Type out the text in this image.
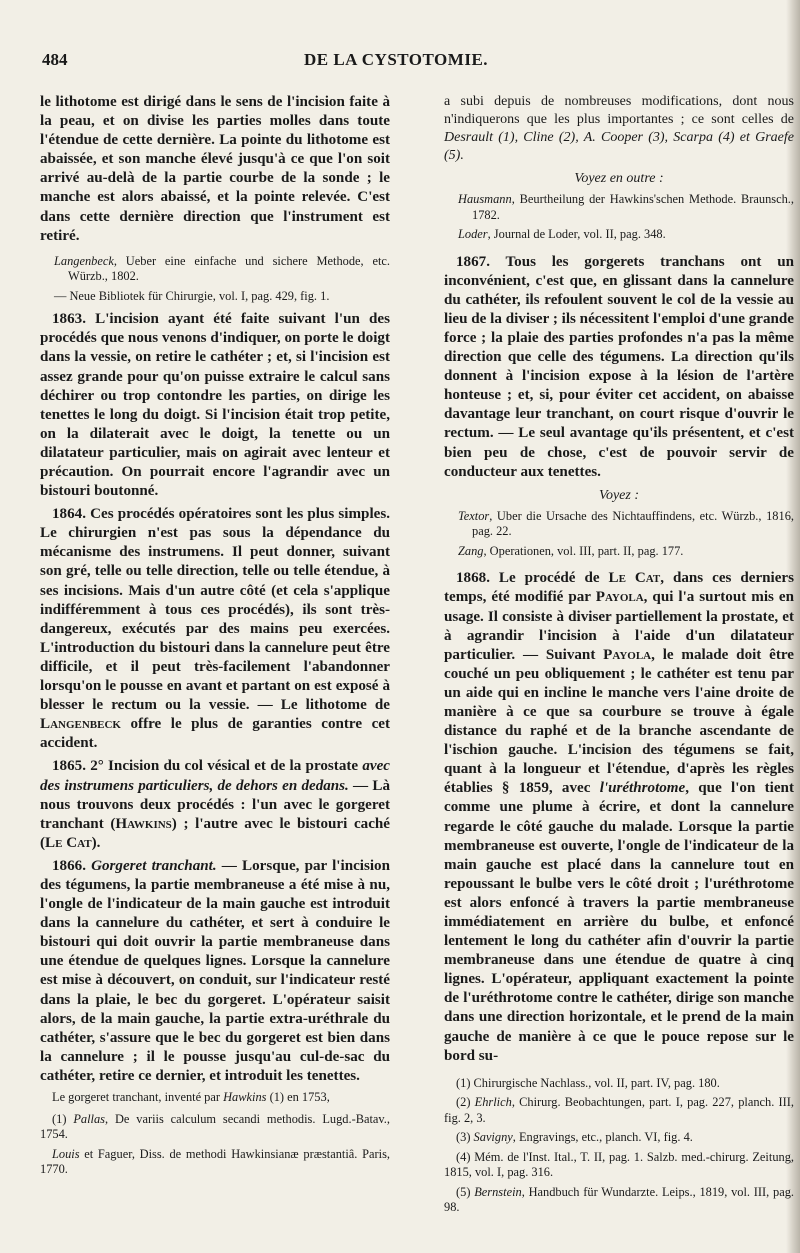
484	DE LA CYSTOTOMIE.

le lithotome est dirigé dans le sens de l'incision faite à la peau, et on divise les parties molles dans toute l'étendue de cette dernière. La pointe du lithotome est abaissée, et son manche élevé jusqu'à ce que l'on soit arrivé au-delà de la partie courbe de la sonde ; le manche est alors abaissé, et la pointe relevée. C'est dans cette dernière direction que l'instrument est retiré.

Langenbeck, Ueber eine einfache und sichere Methode, etc. Würzb., 1802.

— Neue Bibliotek für Chirurgie, vol. I, pag. 429, fig. 1.

1863. L'incision ayant été faite suivant l'un des procédés que nous venons d'indiquer, on porte le doigt dans la vessie, on retire le cathéter ; et, si l'incision est assez grande pour qu'on puisse extraire le calcul sans déchirer ou trop contondre les parties, on dirige les tenettes le long du doigt. Si l'incision était trop petite, on la dilaterait avec le doigt, la tenette ou un dilatateur particulier, mais on agirait avec lenteur et précaution. On pourrait encore l'agrandir avec un bistouri boutonné.

1864. Ces procédés opératoires sont les plus simples. Le chirurgien n'est pas sous la dépendance du mécanisme des instrumens. Il peut donner, suivant son gré, telle ou telle direction, telle ou telle étendue, à ses incisions. Mais d'un autre côté (et cela s'applique indifféremment à tous ces procédés), ils sont très-dangereux, exécutés par des mains peu exercées. L'introduction du bistouri dans la cannelure peut être difficile, et il peut très-facilement l'abandonner lorsqu'on le pousse en avant et partant on est exposé à blesser le rectum ou la vessie. — Le lithotome de Langenbeck offre le plus de garanties contre cet accident.

1865. 2° Incision du col vésical et de la prostate avec des instrumens particuliers, de dehors en dedans. — Là nous trouvons deux procédés : l'un avec le gorgeret tranchant (Hawkins) ; l'autre avec le bistouri caché (Le Cat).

1866. Gorgeret tranchant. — Lorsque, par l'incision des tégumens, la partie membraneuse a été mise à nu, l'ongle de l'indicateur de la main gauche est introduit dans la cannelure du cathéter, et sert à conduire le bistouri qui doit ouvrir la partie membraneuse dans une étendue de quelques lignes. Lorsque la cannelure est mise à découvert, on conduit, sur l'indicateur resté dans la plaie, le bec du gorgeret. L'opérateur saisit alors, de la main gauche, la partie extra-uréthrale du cathéter, s'assure que le bec du gorgeret est bien dans la cannelure ; il le pousse jusqu'au cul-de-sac du cathéter, retire ce dernier, et introduit les tenettes.

Le gorgeret tranchant, inventé par Hawkins (1) en 1753,

(1) Pallas, De variis calculum secandi methodis. Lugd.-Batav., 1754.

Louis et Faguer, Diss. de methodi Hawkinsianæ præstantiâ. Paris, 1770.

a subi depuis de nombreuses modifications, dont nous n'indiquerons que les plus importantes ; ce sont celles de Desrault (1), Cline (2), A. Cooper (3), Scarpa (4) et Graefe (5).

Voyez en outre :

Hausmann, Beurtheilung der Hawkins'schen Methode. Braunsch., 1782.

Loder, Journal de Loder, vol. II, pag. 348.

1867. Tous les gorgerets tranchans ont un inconvénient, c'est que, en glissant dans la cannelure du cathéter, ils refoulent souvent le col de la vessie au lieu de la diviser ; ils nécessitent l'emploi d'une grande force ; la plaie des parties profondes n'a pas la même direction que celle des tégumens. La direction qu'ils donnent à l'incision expose à la lésion de l'artère honteuse ; et, si, pour éviter cet accident, on abaisse davantage leur tranchant, on court risque d'ouvrir le rectum. — Le seul avantage qu'ils présentent, et c'est bien peu de chose, c'est de pouvoir servir de conducteur aux tenettes.

Voyez :

Textor, Uber die Ursache des Nichtauffindens, etc. Würzb., 1816, pag. 22.

Zang, Operationen, vol. III, part. II, pag. 177.

1868. Le procédé de Le Cat, dans ces derniers temps, été modifié par Payola, qui l'a surtout mis en usage. Il consiste à diviser partiellement la prostate, et à agrandir l'incision à l'aide d'un dilatateur particulier. — Suivant Payola, le malade doit être couché un peu obliquement ; le cathéter est tenu par un aide qui en incline le manche vers l'aine droite de manière à ce que sa courbure se trouve à égale distance du raphé et de la branche ascendante de l'ischion gauche. L'incision des tégumens se fait, quant à la longueur et l'étendue, d'après les règles établies § 1859, avec l'uréthrotome, que l'on tient comme une plume à écrire, et dont la cannelure regarde le côté gauche du malade. Lorsque la partie membraneuse est ouverte, l'ongle de l'indicateur de la main gauche est placé dans la cannelure tout en repoussant le bulbe vers le côté droit ; l'uréthrotome est alors enfoncé à travers la partie membraneuse immédiatement en arrière du bulbe, et enfoncé lentement le long du cathéter afin d'ouvrir la partie membraneuse dans une étendue de quatre à cinq lignes. L'opérateur, appliquant exactement la pointe de l'uréthrotome contre le cathéter, dirige son manche dans une direction horizontale, et le prend de la main gauche de manière à ce que le pouce repose sur le bord su-

(1) Chirurgische Nachlass., vol. II, part. IV, pag. 180.

(2) Ehrlich, Chirurg. Beobachtungen, part. I, pag. 227, planch. III, fig. 2, 3.

(3) Savigny, Engravings, etc., planch. VI, fig. 4.

(4) Mém. de l'Inst. Ital., T. II, pag. 1. Salzb. med.-chirurg. Zeitung, 1815, vol. I, pag. 316.

(5) Bernstein, Handbuch für Wundarzte. Leips., 1819, vol. III, pag. 98.
